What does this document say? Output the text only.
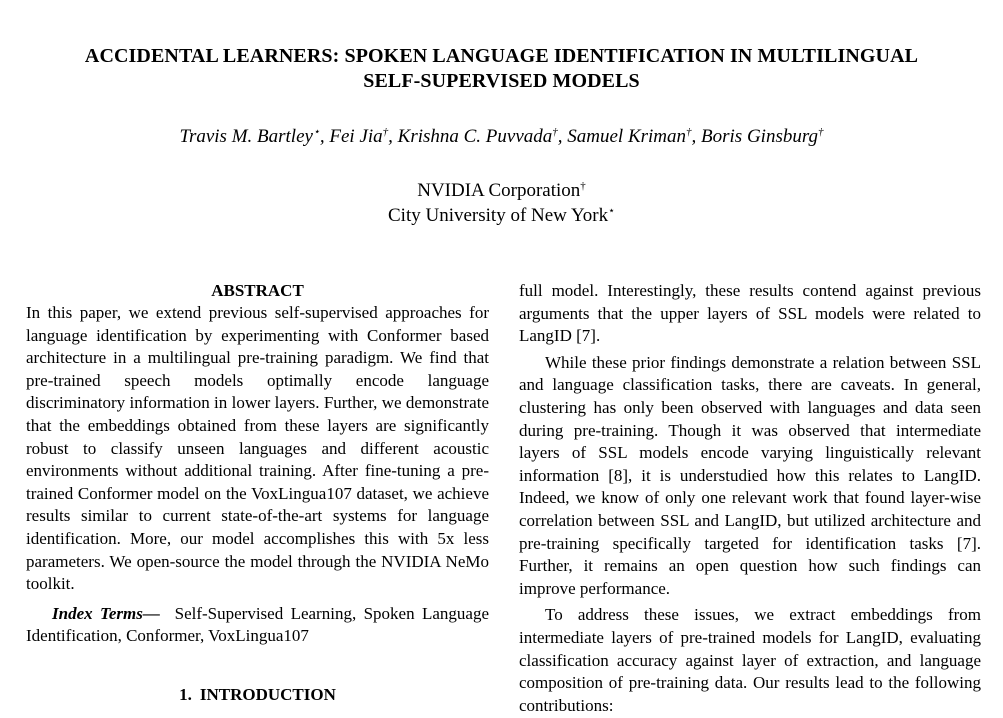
ACCIDENTAL LEARNERS: SPOKEN LANGUAGE IDENTIFICATION IN MULTILINGUAL
SELF-SUPERVISED MODELS
Travis M. Bartley⋆, Fei Jia†, Krishna C. Puvvada†, Samuel Kriman†, Boris Ginsburg†
NVIDIA Corporation†
City University of New York⋆

ABSTRACT

In this paper, we extend previous self-supervised approaches for language identification by experimenting with Conformer based architecture in a multilingual pre-training paradigm. We find that pre-trained speech models optimally encode language discriminatory information in lower layers. Further, we demonstrate that the embeddings obtained from these layers are significantly robust to classify unseen languages and different acoustic environments without additional training. After fine-tuning a pre-trained Conformer model on the VoxLingua107 dataset, we achieve results similar to current state-of-the-art systems for language identification. More, our model accomplishes this with 5x less parameters. We open-source the model through the NVIDIA NeMo toolkit.

Index Terms— Self-Supervised Learning, Spoken Language Identification, Conformer, VoxLingua107

1. INTRODUCTION

full model. Interestingly, these results contend against previous arguments that the upper layers of SSL models were related to LangID [7].

While these prior findings demonstrate a relation between SSL and language classification tasks, there are caveats. In general, clustering has only been observed with languages and data seen during pre-training. Though it was observed that intermediate layers of SSL models encode varying linguistically relevant information [8], it is understudied how this relates to LangID. Indeed, we know of only one relevant work that found layer-wise correlation between SSL and LangID, but utilized architecture and pre-training specifically targeted for identification tasks [7]. Further, it remains an open question how such findings can improve performance.

To address these issues, we extract embeddings from intermediate layers of pre-trained models for LangID, evaluating classification accuracy against layer of extraction, and language composition of pre-training data. Our results lead to the following contributions:
